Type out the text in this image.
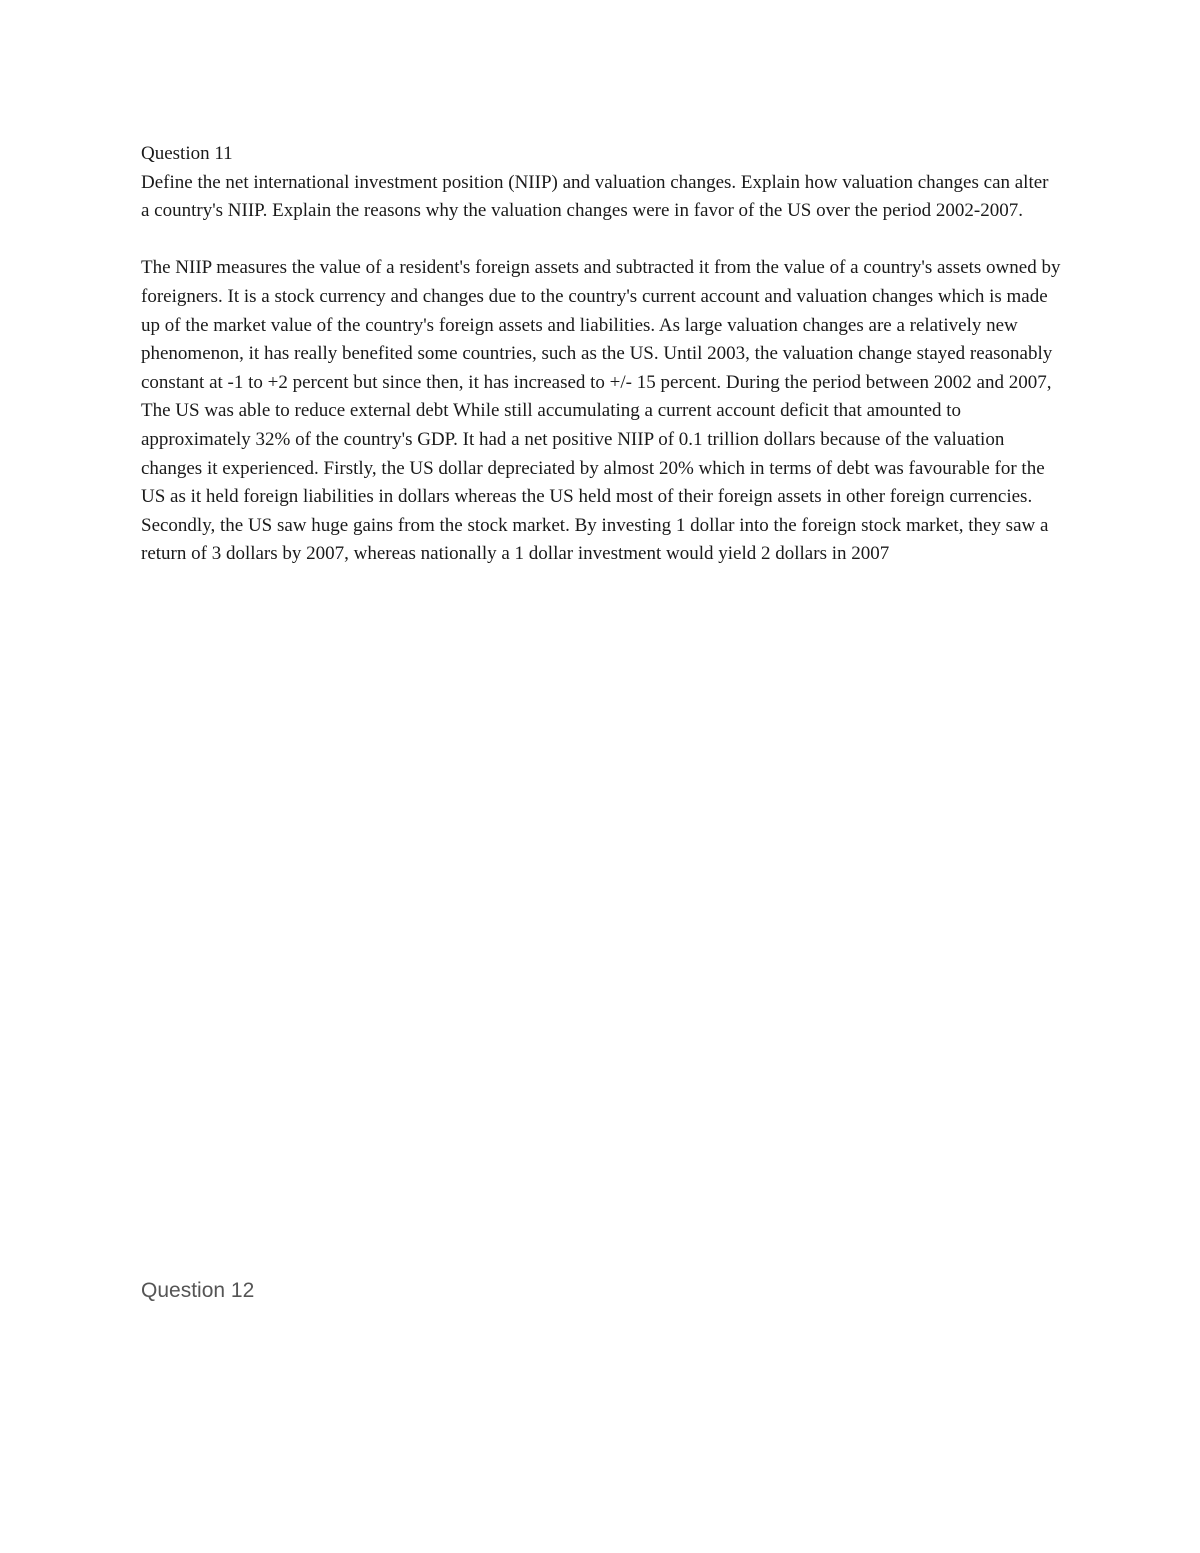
Question 11

Define the net international investment position (NIIP) and valuation changes. Explain how valuation changes can alter a country's NIIP. Explain the reasons why the valuation changes were in favor of the US over the period 2002-2007.

The NIIP measures the value of a resident's foreign assets and subtracted it from the value of a country's assets owned by foreigners. It is a stock currency and changes due to the country's current account and valuation changes which is made up of the market value of the country's foreign assets and liabilities. As large valuation changes are a relatively new phenomenon, it has really benefited some countries, such as the US. Until 2003, the valuation change stayed reasonably constant at -1 to +2 percent but since then, it has increased to +/- 15 percent. During the period between 2002 and 2007, The US was able to reduce external debt While still accumulating a current account deficit that amounted to approximately 32% of the country's GDP. It had a net positive NIIP of 0.1 trillion dollars because of the valuation changes it experienced. Firstly, the US dollar depreciated by almost 20% which in terms of debt was favourable for the US as it held foreign liabilities in dollars whereas the US held most of their foreign assets in other foreign currencies. Secondly, the US saw huge gains from the stock market. By investing 1 dollar into the foreign stock market, they saw a return of 3 dollars by 2007, whereas nationally a 1 dollar investment would yield 2 dollars in 2007

Question 12
